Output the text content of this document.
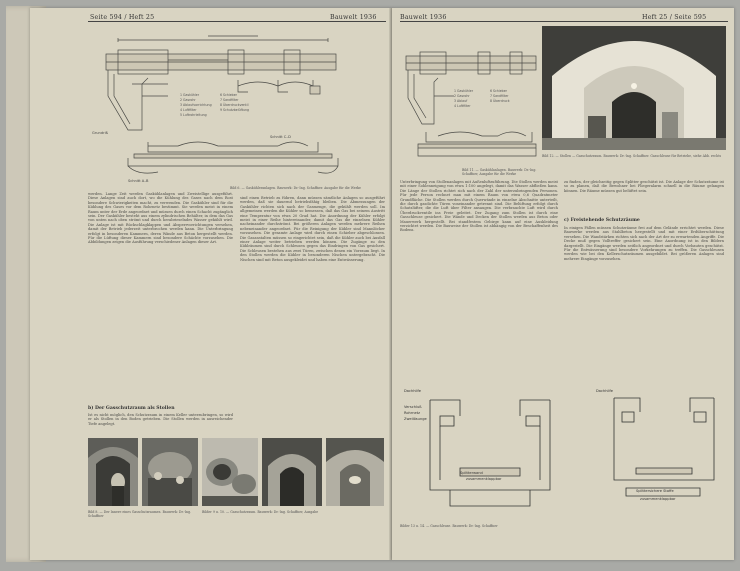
Seite 594 / Heft 25	Bauwelt 1936
1 Gaskühler
2 Gasrohr
3 Ablaufvorrichtung
4 Luftfilter
5 Luftrohrleitung
6 Schieber
7 Sandfilter
8 Überdruckventil
9 Schutzbelüftung
Grundriß
Schnitt C–D
Schnitt A–B
Bild 6. — Gaskühleranlagen. Bauwerk: Dr.-Ing. Schaffner. Ausgabe für die Werke
werden. Lange Zeit werden Gaskühlanlagen und Zweistellige ausgeführt. Diese Anlagen sind auch dort, wo die Kühlung des Gases nach dem Rost besondere Schwierigkeiten macht, zu verwenden. Die Gaskühler sind für die Kühlung des Gases vor dem Rohrnetz bestimmt. Sie werden meist in einem Raum unter der Erde angeordnet und müssen durch einen Schacht zugänglich sein. Der Gaskühler besteht aus einem zylindrischen Behälter, in dem das Gas von unten nach oben strömt und durch herabrieselndes Wasser gekühlt wird. Die Anlage ist mit Rückschlagklappen und Absperrvorrichtungen versehen, damit der Betrieb jederzeit unterbrochen werden kann. Die Unterbringung erfolgt in besonderen Kammern, deren Wände aus Beton hergestellt werden. Für die Lüftung dieser Kammern sind besondere Schächte vorzusehen. Die Abbildungen zeigen die Ausführung verschiedener Anlagen dieser Art.
b) Der Gasschutzraum als Stollen
Ist es nicht möglich, den Schutzraum in einem Keller unterzubringen, so wird er als Stollen in den Boden getrieben. Die Stollen werden in ausreichender Tiefe angelegt.
sind einen Betrieb zu führen, dann müssen sämtliche Anlagen so ausgeführt werden, daß sie dauernd betriebsfähig bleiben. Die Abmessungen der Gaskühler richten sich nach der Gasmenge, die gekühlt werden soll. Im allgemeinen werden die Kühler so bemessen, daß das Gas bei seinem Austritt eine Temperatur von etwa 20 Grad hat. Die Anordnung der Kühler erfolgt meist in einer Reihe hintereinander, damit das Gas die einzelnen Kühler nacheinander durchströmt. Bei größeren Anlagen werden mehrere Reihen nebeneinander angeordnet. Für die Reinigung der Kühler sind Mannlöcher vorzusehen. Die gesamte Anlage wird durch einen Schieber abgeschlossen. Die Gasanstalten müssen so eingerichtet sein, daß die Kühler auch bei Ausfall einer Anlage weiter betrieben werden können. Die Zugänge zu den Kühlräumen sind durch Schleusen gegen das Eindringen von Gas gesichert. Die Schleusen bestehen aus zwei Türen, zwischen denen ein Vorraum liegt. In den Stollen werden die Kühler in besonderen Nischen untergebracht. Die Nischen sind mit Beton ausgekleidet und haben eine Entwässerung.
Bild 8. — Der Innere eines Gasschutzraumes. Bauwerk: Dr.-Ing. Schaffner
Bilder 9 u. 10. — Gasschutzraum. Bauwerk: Dr.-Ing. Schaffner, Ausgabe
Bauwelt 1936	Heft 25 / Seite 595
1 Gaskühler
2 Gasrohr
3 Ablauf
4 Luftfilter
6 Schieber
7 Sandfilter
8 Überdruck
Bild 11. — Gaskühlanlagen. Bauwerk: Dr.-Ing. Schaffner, Ausgabe für die Werke
Bild 12. — Stollen — Gasschutzraum. Bauwerk: Dr.-Ing. Schaffner. Gasschleuse für Betriebe, siehe Abb. rechts
Unterbringung von Stollenanlagen mit Außenluftzuführung. Die Stollen werden meist mit einer Sohlenneigung von etwa 1:100 angelegt, damit das Wasser abfließen kann. Die Länge der Stollen richtet sich nach der Zahl der unterzubringenden Personen. Für jede Person rechnet man mit einem Raum von etwa 0,6 Quadratmeter Grundfläche. Die Stollen werden durch Querwände in einzelne Abschnitte unterteilt, die durch gasdichte Türen voneinander getrennt sind. Die Belüftung erfolgt durch Schutzlüfter, die die Luft über Filter ansaugen. Die verbrauchte Luft wird durch Überdruckventile ins Freie geleitet. Der Zugang zum Stollen ist durch eine Gasschleuse gesichert. Die Wände und Decken der Stollen werden aus Beton oder Mauerwerk hergestellt. Bei standfestem Gebirge kann auf eine Auskleidung verzichtet werden. Die Bauweise der Stollen ist abhängig von der Beschaffenheit des Bodens.
zu finden, der gleichzeitig gegen Splitter geschützt ist. Die Anlage der Schutzräume ist so zu planen, daß die Bewohner bei Fliegeralarm schnell in die Räume gelangen können. Die Räume müssen gut belüftet sein.
c) Freistehende Schutzräume
In einigen Fällen müssen Schutzräume frei auf dem Gelände errichtet werden. Diese Bauwerke werden aus Stahlbeton hergestellt und mit einer Erdüberschüttung versehen. Die Wandstärken richten sich nach der Art der zu erwartenden Angriffe. Die Decke muß gegen Volltreffer gesichert sein. Eine Anordnung ist in den Bildern dargestellt. Die Eingänge werden seitlich angeordnet und durch Vorbauten geschützt. Für die Entwässerung sind besondere Vorkehrungen zu treffen. Die Gasschleusen werden wie bei den Kellerschutzräumen ausgebildet. Bei größeren Anlagen sind mehrere Eingänge vorzusehen.
Dachhilfe
Verschluß
Rohrnetz
Zweilösunge
Splitterwand
zusammenklappbar
Dachhilfe
Splittersichere Stoffe
zusammenklappbar
Bilder 13 u. 14. — Gasschleuse. Bauwerk: Dr.-Ing. Schaffner
